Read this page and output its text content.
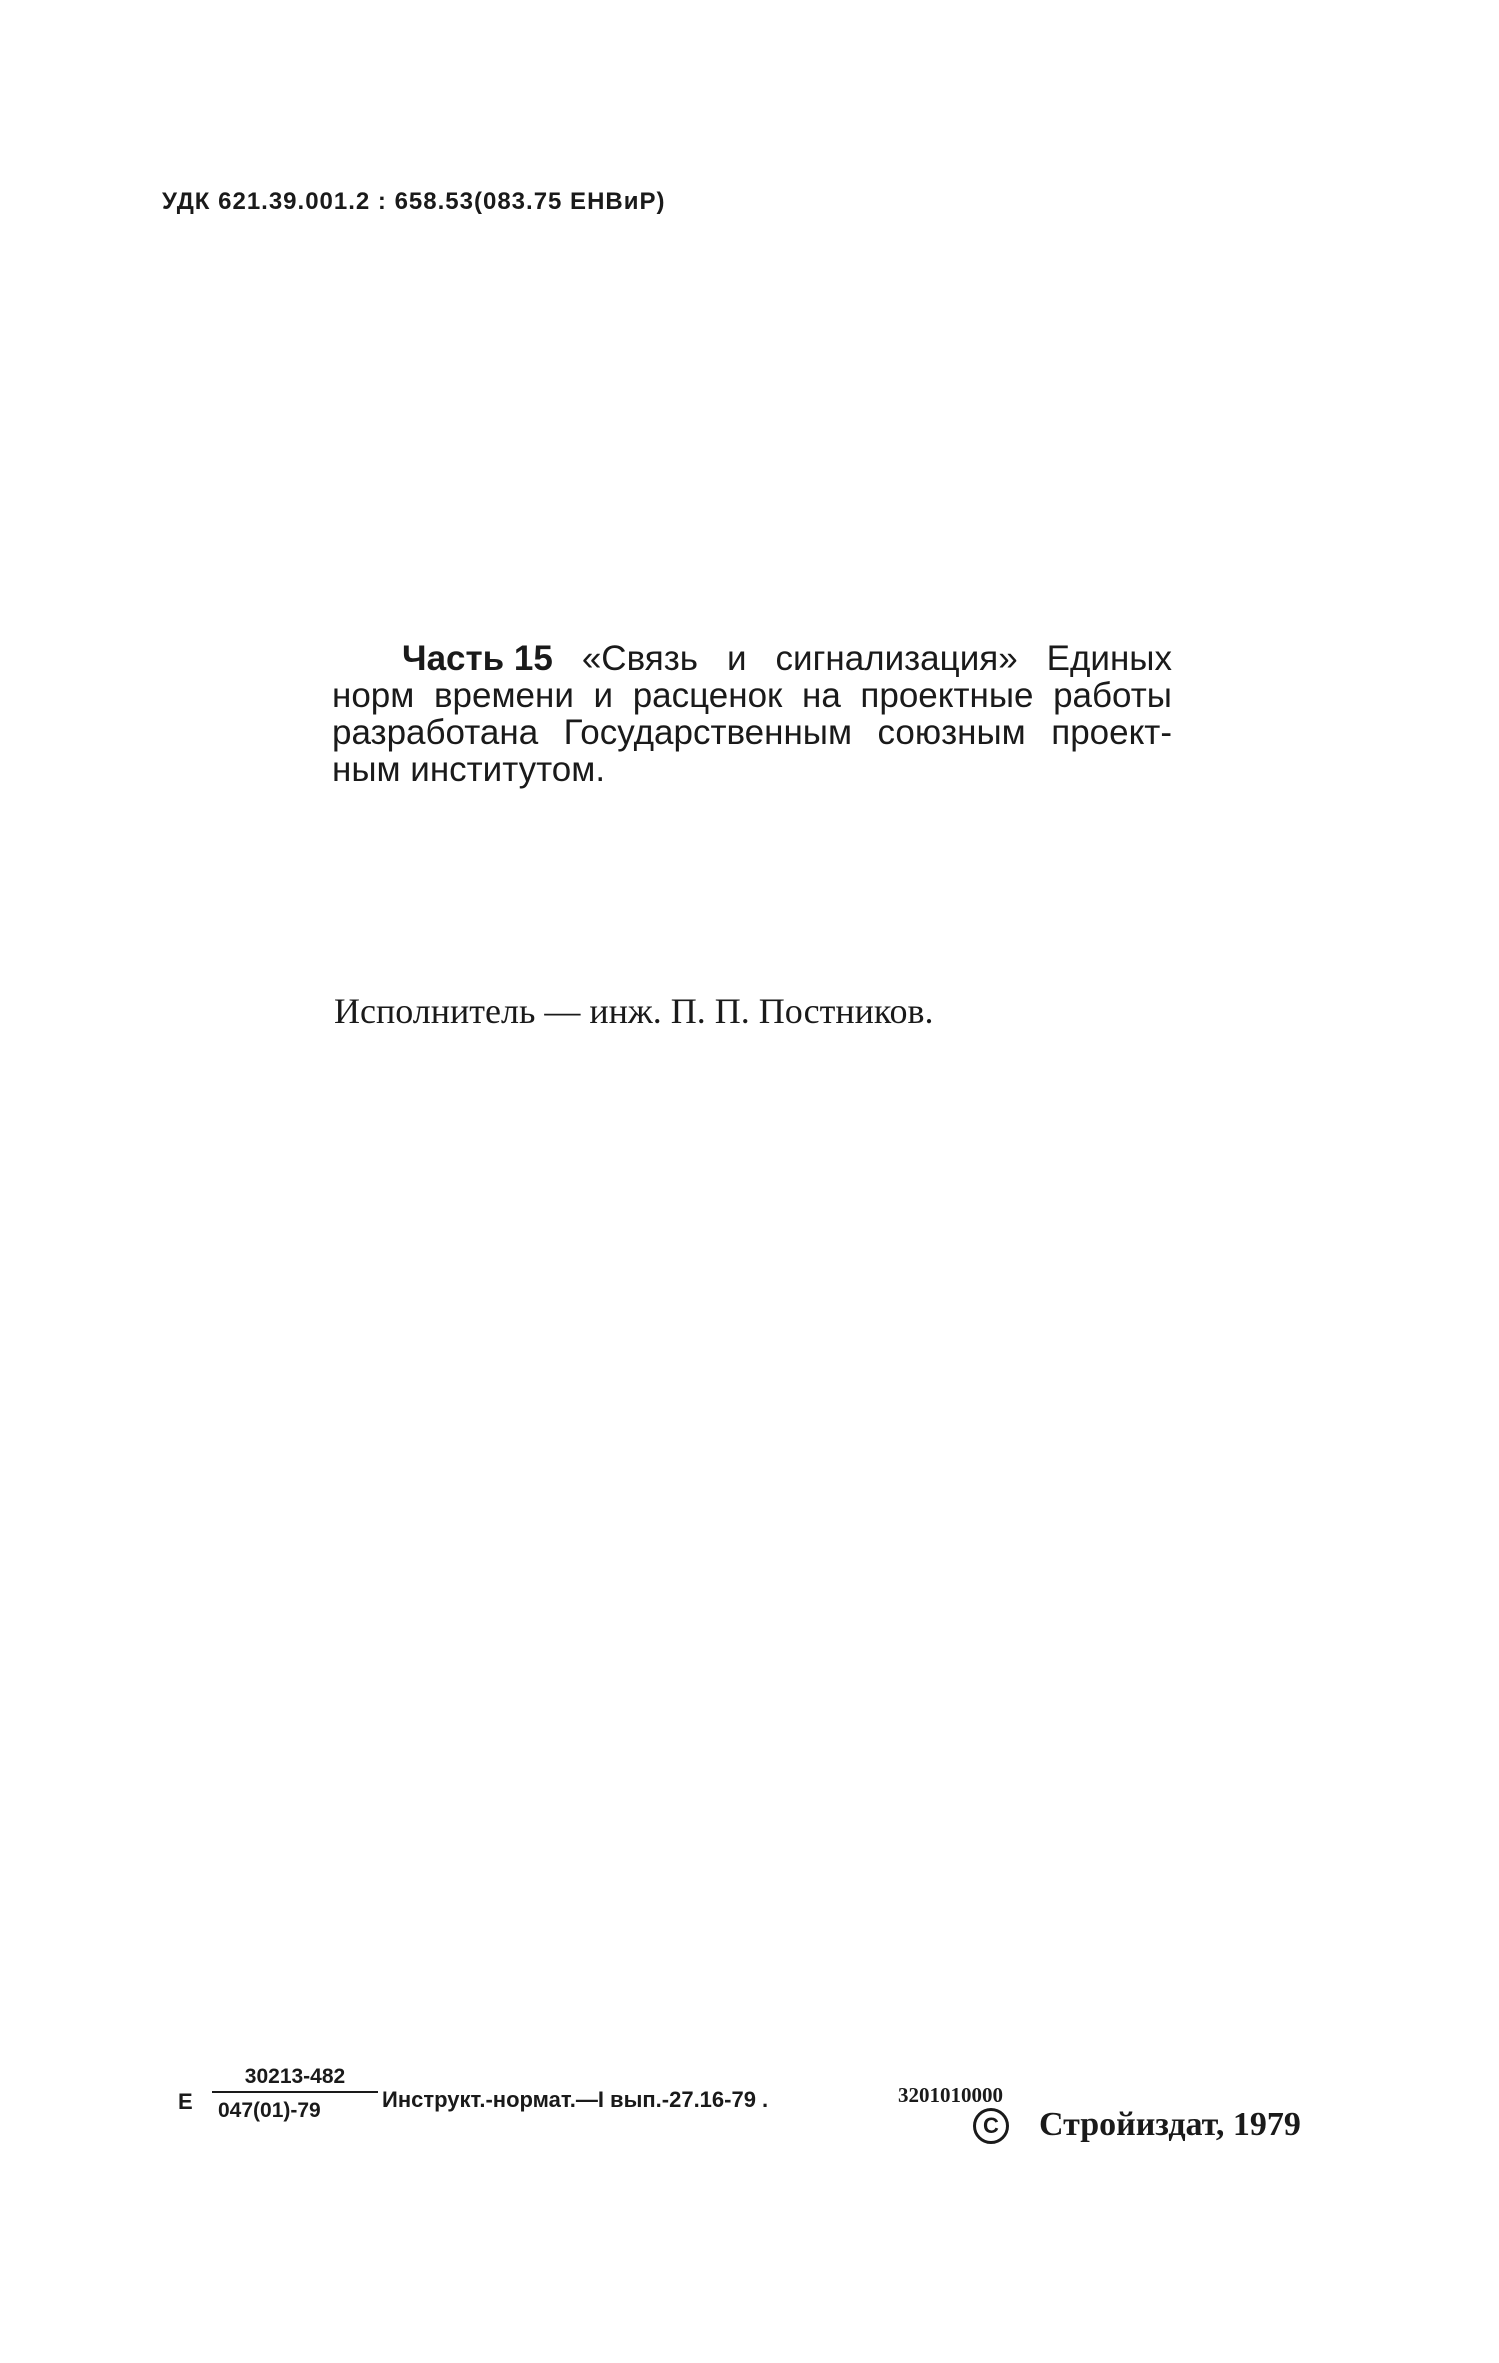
УДК 621.39.001.2 : 658.53(083.75 ЕНВиР)
Часть 15 «Связь и сигнализация» Единых
норм времени и расценок на проектные работы
разработана Государственным союзным проект-
ным институтом.
Исполнитель — инж. П. П. Постников.
Е $\frac{30213-482}{047(01)-79}$ Инструкт.-нормат.—I вып.-27.16-79 .	3201010000
C Стройиздат, 1979
